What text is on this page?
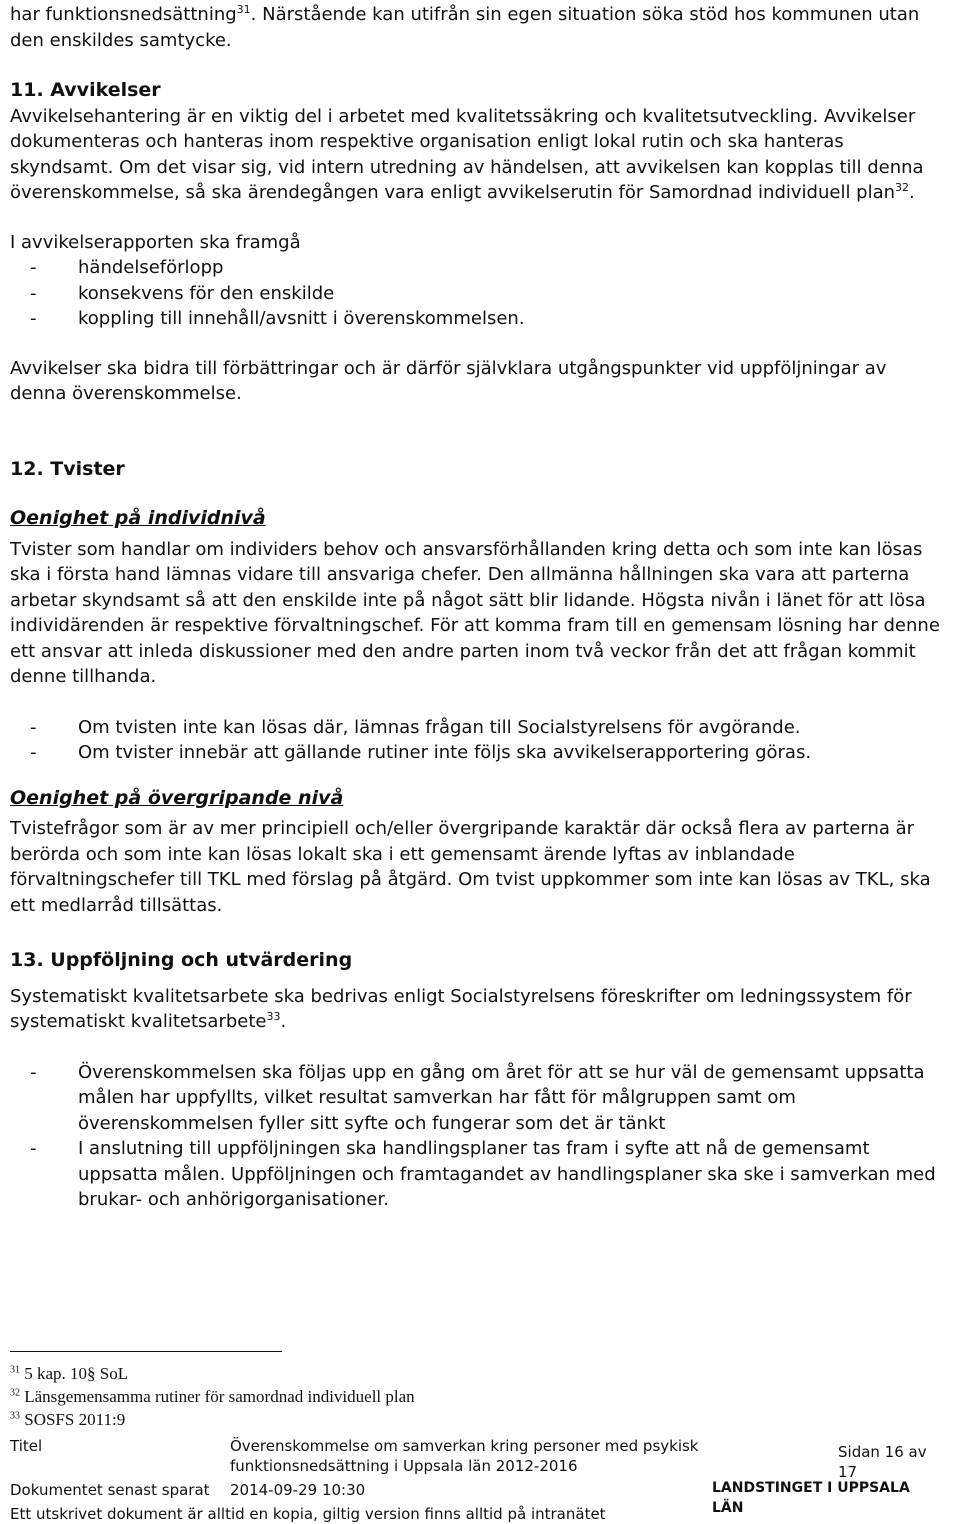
har funktionsnedsättning$^{31}$. Närstående kan utifrån sin egen situation söka stöd hos kommunen utan den enskildes samtycke.

11. Avvikelser

Avvikelsehantering är en viktig del i arbetet med kvalitetssäkring och kvalitetsutveckling. Avvikelser dokumenteras och hanteras inom respektive organisation enligt lokal rutin och ska hanteras skyndsamt. Om det visar sig, vid intern utredning av händelsen, att avvikelsen kan kopplas till denna överenskommelse, så ska ärendegången vara enligt avvikelserutin för Samordnad individuell plan$^{32}$.

I avvikelserapporten ska framgå

- händelseförlopp
- konsekvens för den enskilde
- koppling till innehåll/avsnitt i överenskommelsen.

Avvikelser ska bidra till förbättringar och är därför självklara utgångspunkter vid uppföljningar av denna överenskommelse.

12. Tvister

Oenighet på individnivå

Tvister som handlar om individers behov och ansvarsförhållanden kring detta och som inte kan lösas ska i första hand lämnas vidare till ansvariga chefer. Den allmänna hållningen ska vara att parterna arbetar skyndsamt så att den enskilde inte på något sätt blir lidande. Högsta nivån i länet för att lösa individärenden är respektive förvaltningschef. För att komma fram till en gemensam lösning har denne ett ansvar att inleda diskussioner med den andre parten inom två veckor från det att frågan kommit denne tillhanda.

- Om tvisten inte kan lösas där, lämnas frågan till Socialstyrelsens för avgörande.
- Om tvister innebär att gällande rutiner inte följs ska avvikelserapportering göras.

Oenighet på övergripande nivå

Tvistefrågor som är av mer principiell och/eller övergripande karaktär där också flera av parterna är berörda och som inte kan lösas lokalt ska i ett gemensamt ärende lyftas av inblandade förvaltningschefer till TKL med förslag på åtgärd. Om tvist uppkommer som inte kan lösas av TKL, ska ett medlarråd tillsättas.

13. Uppföljning och utvärdering

Systematiskt kvalitetsarbete ska bedrivas enligt Socialstyrelsens föreskrifter om ledningssystem för systematiskt kvalitetsarbete$^{33}$.

- Överenskommelsen ska följas upp en gång om året för att se hur väl de gemensamt uppsatta målen har uppfyllts, vilket resultat samverkan har fått för målgruppen samt om överenskommelsen fyller sitt syfte och fungerar som det är tänkt
- I anslutning till uppföljningen ska handlingsplaner tas fram i syfte att nå de gemensamt uppsatta målen. Uppföljningen och framtagandet av handlingsplaner ska ske i samverkan med brukar- och anhörigorganisationer.
$^{31}$ 5 kap. 10§ SoL
$^{32}$ Länsgemensamma rutiner för samordnad individuell plan
$^{33}$ SOSFS 2011:9
Titel	Överenskommelse om samverkan kring personer med psykisk funktionsnedsättning i Uppsala län 2012-2016
Sidan 16 av 17
Dokumentet senast sparat 2014-09-29 10:30	LANDSTINGET I UPPSALA LÄN
Ett utskrivet dokument är alltid en kopia, giltig version finns alltid på intranätet
